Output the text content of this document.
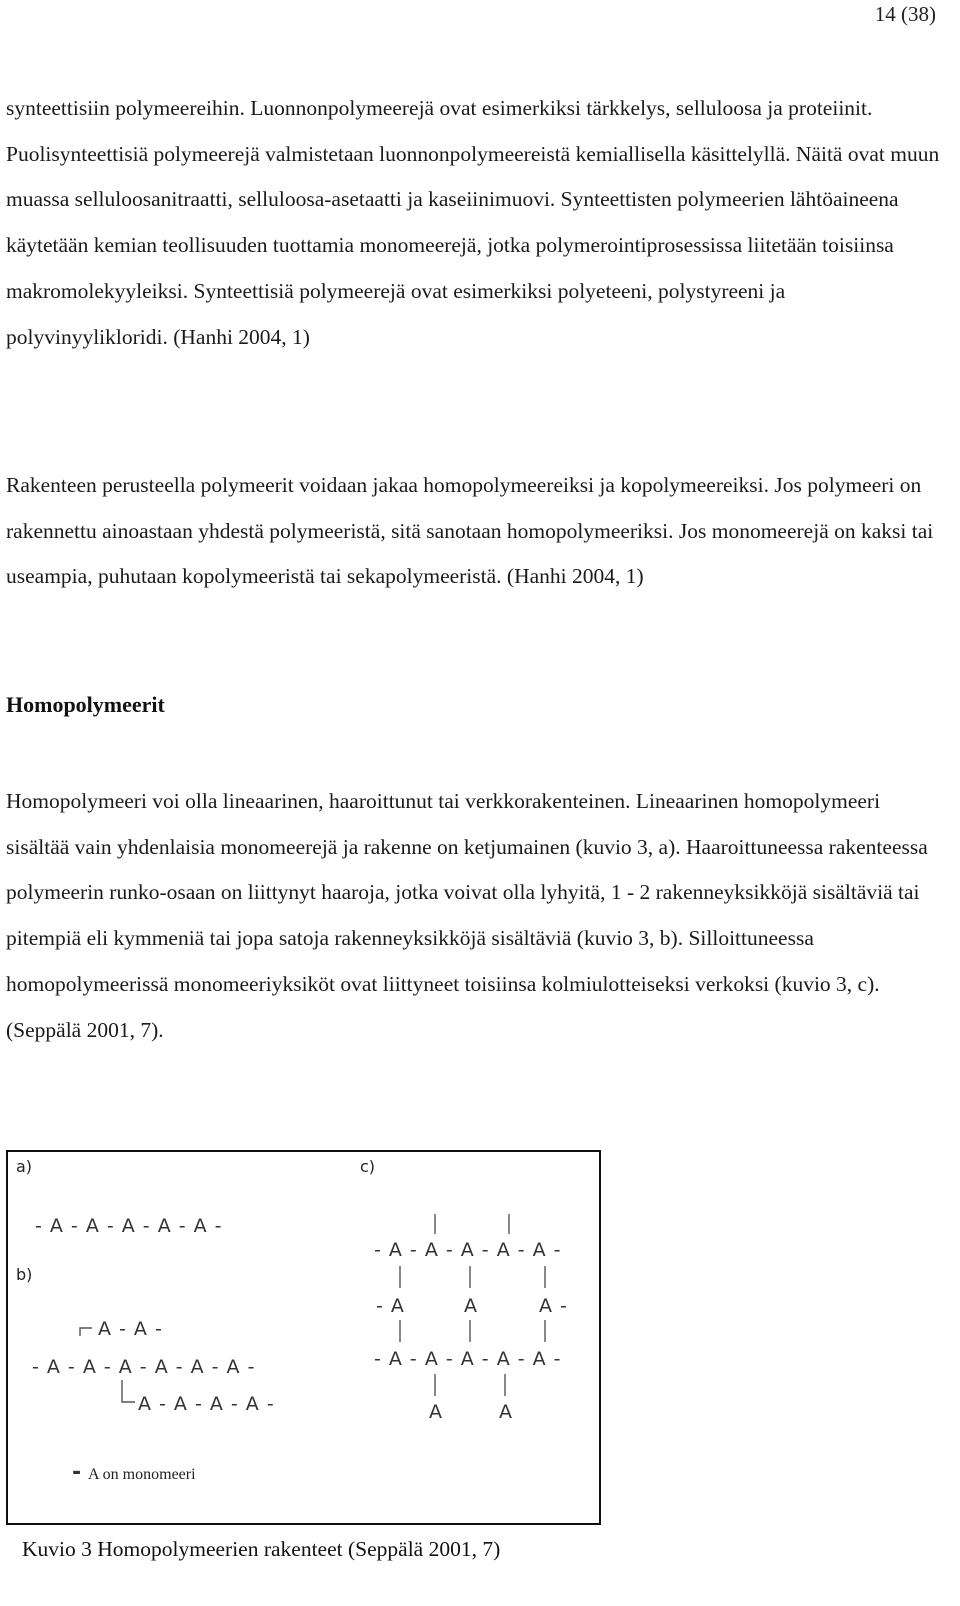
14 (38)

synteettisiin polymeereihin. Luonnonpolymeerejä ovat esimerkiksi tärkkelys, selluloosa ja proteiinit. Puolisynteettisiä polymeerejä valmistetaan luonnonpolymeereistä kemiallisella käsittelyllä. Näitä ovat muun muassa selluloosanitraatti, selluloosa-asetaatti ja kaseiinimuovi. Synteettisten polymeerien lähtöaineena käytetään kemian teollisuuden tuottamia monomeerejä, jotka polymerointiprosessissa liitetään toisiinsa makromolekyyleiksi. Synteettisiä polymeerejä ovat esimerkiksi polyeteeni, polystyreeni ja polyvinyylikloridi. (Hanhi 2004, 1)

Rakenteen perusteella polymeerit voidaan jakaa homopolymeereiksi ja kopolymeereiksi. Jos polymeeri on rakennettu ainoastaan yhdestä polymeeristä, sitä sanotaan homopolymeeriksi. Jos monomeerejä on kaksi tai useampia, puhutaan kopolymeeristä tai sekapolymeeristä. (Hanhi 2004, 1)

Homopolymeerit

Homopolymeeri voi olla lineaarinen, haaroittunut tai verkkorakenteinen. Lineaarinen homopolymeeri sisältää vain yhdenlaisia monomeerejä ja rakenne on ketjumainen (kuvio 3, a). Haaroittuneessa rakenteessa polymeerin runko-osaan on liittynyt haaroja, jotka voivat olla lyhyitä, 1 - 2 rakenneyksikköjä sisältäviä tai pitempiä eli kymmeniä tai jopa satoja rakenneyksikköjä sisältäviä (kuvio 3, b). Silloittuneessa homopolymeerissä monomeeriyksiköt ovat liittyneet toisiinsa kolmiulotteiseksi verkoksi (kuvio 3, c). (Seppälä 2001, 7).

a)
- A - A - A - A - A -
b)
A - A -
- A - A - A - A - A - A -
A - A - A - A -
- A on monomeeri
c)
- A - A - A - A - A -
- A	A	A -
- A - A - A - A - A -
A	A
Kuvio 3 Homopolymeerien rakenteet (Seppälä 2001, 7)
